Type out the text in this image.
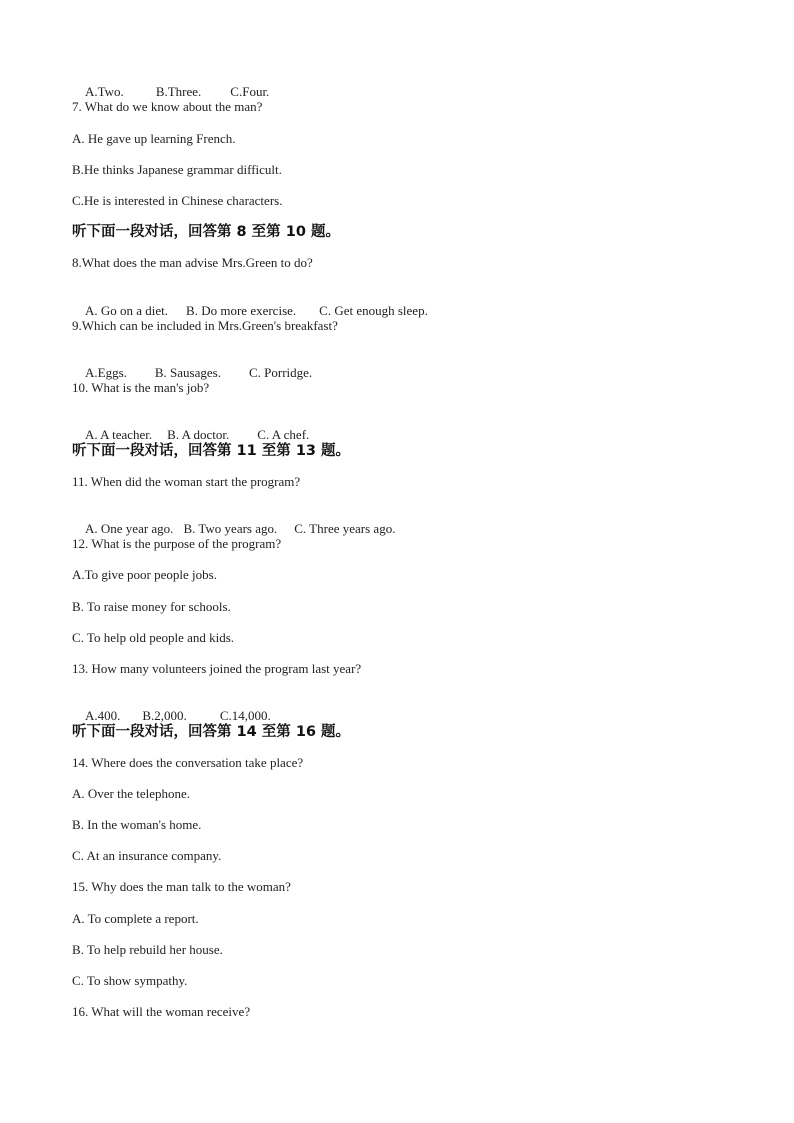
A.Two. B.Three. C.Four.

7. What do we know about the man?
A. He gave up learning French.
B.He thinks Japanese grammar difficult.
C.He is interested in Chinese characters.
听下面一段对话，回答第 8 至第 10 题。
8.What does the man advise Mrs.Green to do?

A. Go on a diet. B. Do more exercise. C. Get enough sleep.

9.Which can be included in Mrs.Green's breakfast?

A.Eggs. B. Sausages. C. Porridge.

10. What is the man's job?

A. A teacher. B. A doctor. C. A chef.

听下面一段对话，回答第 11 至第 13 题。
11. When did the woman start the program?

A. One year ago. B. Two years ago. C. Three years ago.

12. What is the purpose of the program?
A.To give poor people jobs.
B. To raise money for schools.
C. To help old people and kids.
13. How many volunteers joined the program last year?

A.400. B.2,000.	C.14,000.

听下面一段对话，回答第 14 至第 16 题。
14. Where does the conversation take place?
A. Over the telephone.
B. In the woman's home.
C. At an insurance company.
15. Why does the man talk to the woman?
A. To complete a report.
B. To help rebuild her house.
C. To show sympathy.
16. What will the woman receive?
